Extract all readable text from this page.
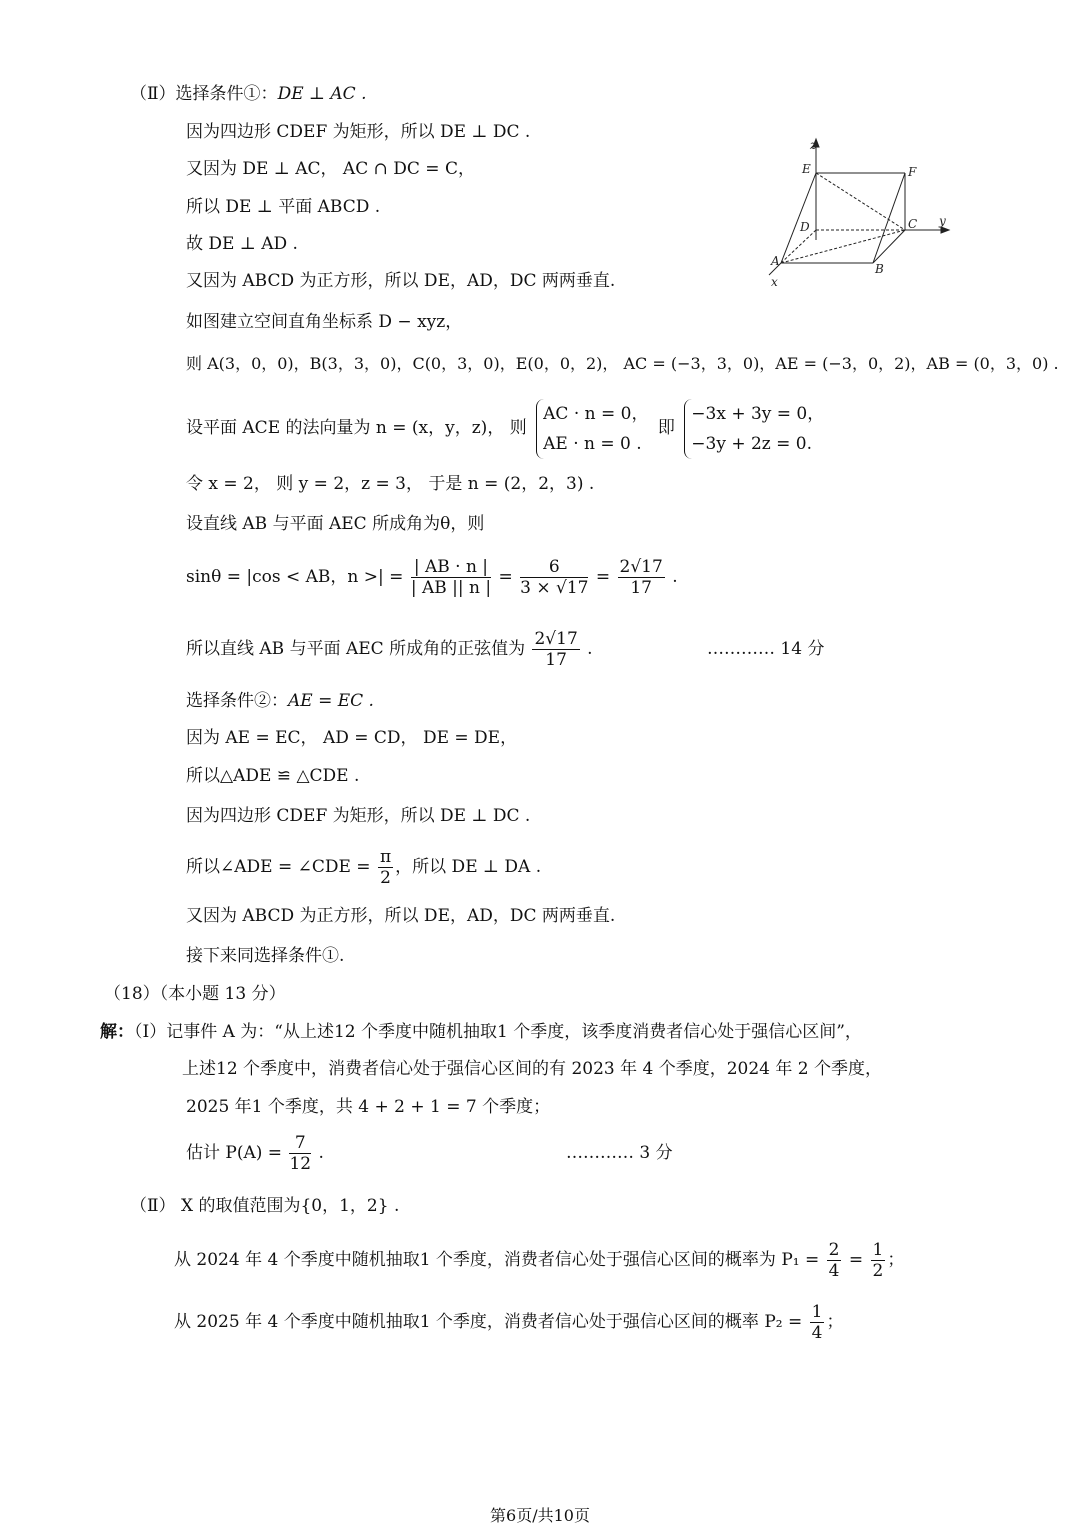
（Ⅱ）选择条件①：DE ⊥ AC .
因为四边形 CDEF 为矩形，所以 DE ⊥ DC .
又因为 DE ⊥ AC， AC ∩ DC = C，
所以 DE ⊥ 平面 ABCD .
故 DE ⊥ AD .
又因为 ABCD 为正方形，所以 DE，AD，DC 两两垂直.
如图建立空间直角坐标系 D − xyz，
则 A(3，0，0)，B(3，3，0)，C(0，3，0)，E(0，0，2)， AC = (−3，3，0)，AE = (−3，0，2)，AB = (0，3，0) .
设平面 ACE 的法向量为 n = (x，y，z)， 则
AC · n = 0，
AE · n = 0 .
即
−3x + 3y = 0，
−3y + 2z = 0.
令 x = 2， 则 y = 2，z = 3， 于是 n = (2，2，3) .
设直线 AB 与平面 AEC 所成角为θ，则
sinθ = |cos < AB，n >| = $\frac{| AB \cdot n |}{| AB || n |} = \frac{6}{3 \times √17} = \frac{2√17}{17}$ .
所以直线 AB 与平面 AEC 所成角的正弦值为 $\frac{2√17}{17}$ .	………… 14 分
选择条件②：AE = EC .
因为 AE = EC， AD = CD， DE = DE，
所以△ADE ≌ △CDE .
因为四边形 CDEF 为矩形，所以 DE ⊥ DC .
所以∠ADE = ∠CDE = $\frac{\pi}{2}$ ，所以 DE ⊥ DA .
又因为 ABCD 为正方形，所以 DE，AD，DC 两两垂直.
接下来同选择条件①.
（18）（本小题 13 分）
解：（Ⅰ）记事件 A 为：“从上述12 个季度中随机抽取1 个季度，该季度消费者信心处于强信心区间”，
上述12 个季度中，消费者信心处于强信心区间的有 2023 年 4 个季度，2024 年 2 个季度，
2025 年1 个季度，共 4 + 2 + 1 = 7 个季度；
估计 $P(A) = \frac{7}{12}$ .	………… 3 分
（Ⅱ） X 的取值范围为{0，1，2} .
从 2024 年 4 个季度中随机抽取1 个季度，消费者信心处于强信心区间的概率为 $P_1 = \frac{2}{4} = \frac{1}{2}$ ；
从 2025 年 4 个季度中随机抽取1 个季度，消费者信心处于强信心区间的概率 $P_2 = \frac{1}{4}$ ；
z
y
x
E	F
D	C
A
B
第6页/共10页
